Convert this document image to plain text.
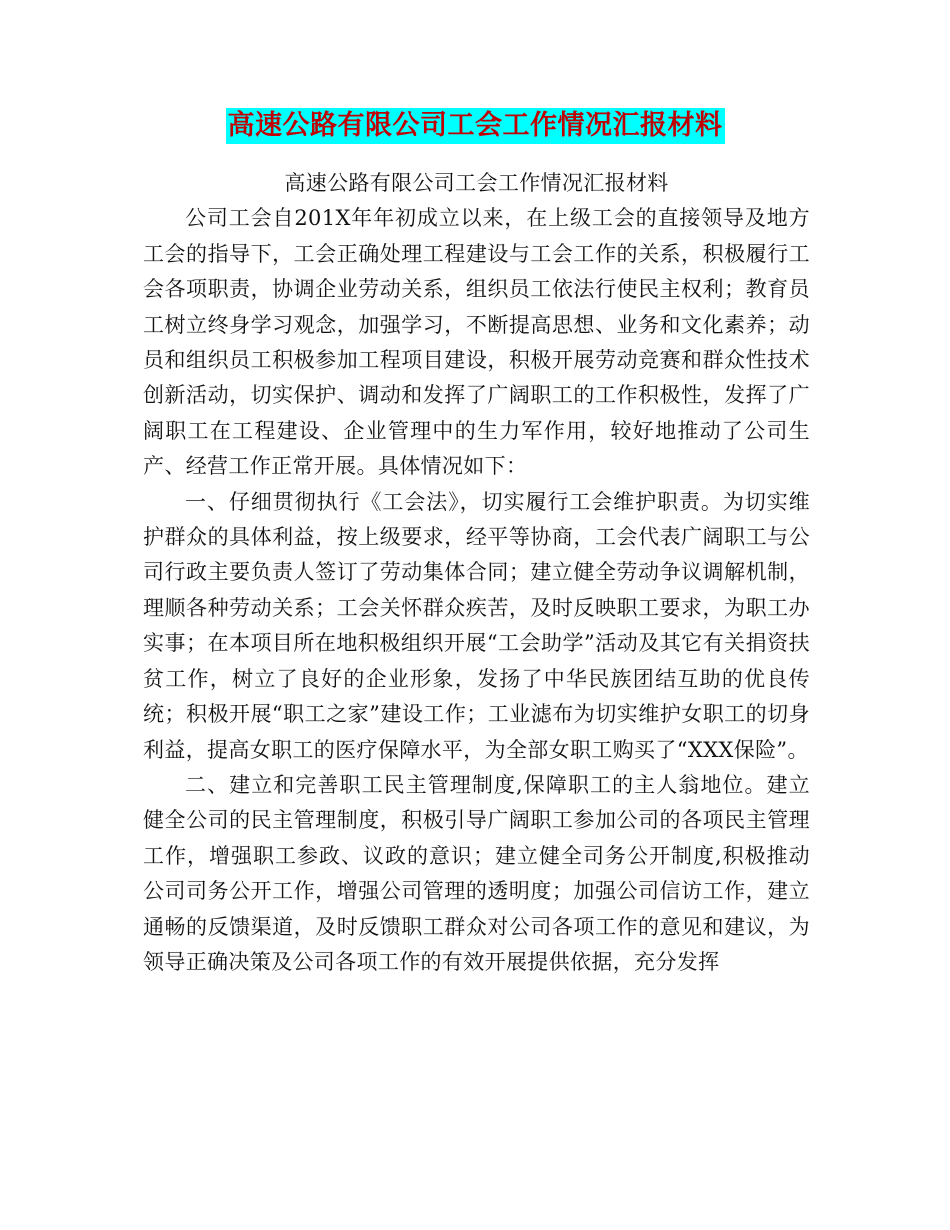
高速公路有限公司工会工作情况汇报材料

高速公路有限公司工会工作情况汇报材料

公司工会自201X年年初成立以来，在上级工会的直接领导及地方工会的指导下，工会正确处理工程建设与工会工作的关系，积极履行工会各项职责，协调企业劳动关系，组织员工依法行使民主权利；教育员工树立终身学习观念，加强学习，不断提高思想、业务和文化素养；动员和组织员工积极参加工程项目建设，积极开展劳动竞赛和群众性技术创新活动，切实保护、调动和发挥了广阔职工的工作积极性，发挥了广阔职工在工程建设、企业管理中的生力军作用，较好地推动了公司生产、经营工作正常开展。具体情况如下：

一、仔细贯彻执行《工会法》，切实履行工会维护职责。为切实维护群众的具体利益，按上级要求，经平等协商，工会代表广阔职工与公司行政主要负责人签订了劳动集体合同；建立健全劳动争议调解机制，理顺各种劳动关系；工会关怀群众疾苦，及时反映职工要求，为职工办实事；在本项目所在地积极组织开展“工会助学”活动及其它有关捐资扶贫工作，树立了良好的企业形象，发扬了中华民族团结互助的优良传统；积极开展“职工之家”建设工作；工业滤布为切实维护女职工的切身利益，提高女职工的医疗保障水平，为全部女职工购买了“XXX保险”。

二、建立和完善职工民主管理制度,保障职工的主人翁地位。建立健全公司的民主管理制度，积极引导广阔职工参加公司的各项民主管理工作，增强职工参政、议政的意识；建立健全司务公开制度,积极推动公司司务公开工作，增强公司管理的透明度；加强公司信访工作，建立通畅的反馈渠道，及时反馈职工群众对公司各项工作的意见和建议，为领导正确决策及公司各项工作的有效开展提供依据，充分发挥
